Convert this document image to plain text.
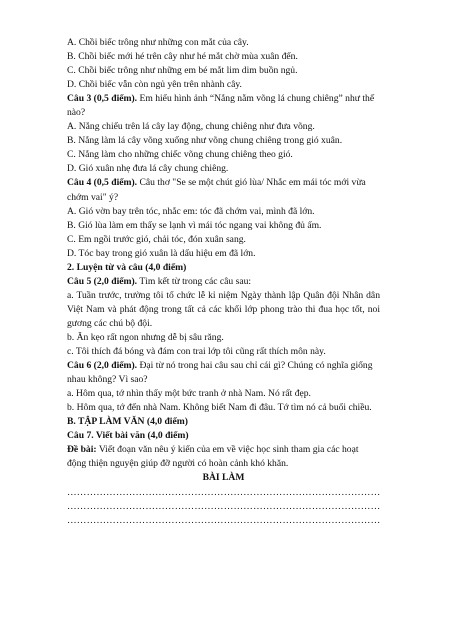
A. Chồi biếc trông như những con mắt của cây.
B. Chồi biếc mới hé trên cây như hé mắt chờ mùa xuân đến.
C. Chồi biếc trông như những em bé mắt lim dim buồn ngủ.
D. Chồi biếc vẫn còn ngủ yên trên nhành cây.
Câu 3 (0,5 điểm). Em hiểu hình ảnh “Nắng nằm võng lá chung chiêng” như thế nào?
A. Nắng chiếu trên lá cây lay động, chung chiêng như đưa võng.
B. Nắng làm lá cây võng xuống như võng chung chiêng trong gió xuân.
C. Nắng làm cho những chiếc võng chung chiêng theo gió.
D. Gió xuân nhẹ đưa lá cây chung chiêng.
Câu 4 (0,5 điểm). Câu thơ "Se se một chút gió lùa/ Nhắc em mái tóc mới vừa chớm vai" ý?
A. Gió vờn bay trên tóc, nhắc em: tóc đã chớm vai, mình đã lớn.
B. Gió lùa làm em thấy se lạnh vì mái tóc ngang vai không đủ ấm.
C. Em ngồi trước gió, chải tóc, đón xuân sang.
D. Tóc bay trong gió xuân là dấu hiệu em đã lớn.
2. Luyện từ và câu (4,0 điểm)
Câu 5 (2,0 điểm). Tìm kết từ trong các câu sau:
a. Tuần trước, trường tôi tổ chức lễ kỉ niệm Ngày thành lập Quân đội Nhân dân Việt Nam và phát động trong tất cả các khối lớp phong trào thi đua học tốt, noi gương các chú bộ đội.
b. Ăn kẹo rất ngon nhưng dễ bị sâu răng.
c. Tôi thích đá bóng và đám con trai lớp tôi cũng rất thích môn này.
Câu 6 (2,0 điểm). Đại từ nó trong hai câu sau chỉ cái gì? Chúng có nghĩa giống nhau không? Vì sao?
a. Hôm qua, tớ nhìn thấy một bức tranh ở nhà Nam. Nó rất đẹp.
b. Hôm qua, tớ đến nhà Nam. Không biết Nam đi đâu. Tớ tìm nó cả buổi chiều.
B. TẬP LÀM VĂN (4,0 điểm)
Câu 7. Viết bài văn (4,0 điểm)
Đề bài: Viết đoạn văn nêu ý kiến của em về việc học sinh tham gia các hoạt động thiện nguyện giúp đỡ người có hoàn cảnh khó khăn.
BÀI LÀM
……………………………………………………………………………………
……………………………………………………………………………………
……………………………………………………………………………………
